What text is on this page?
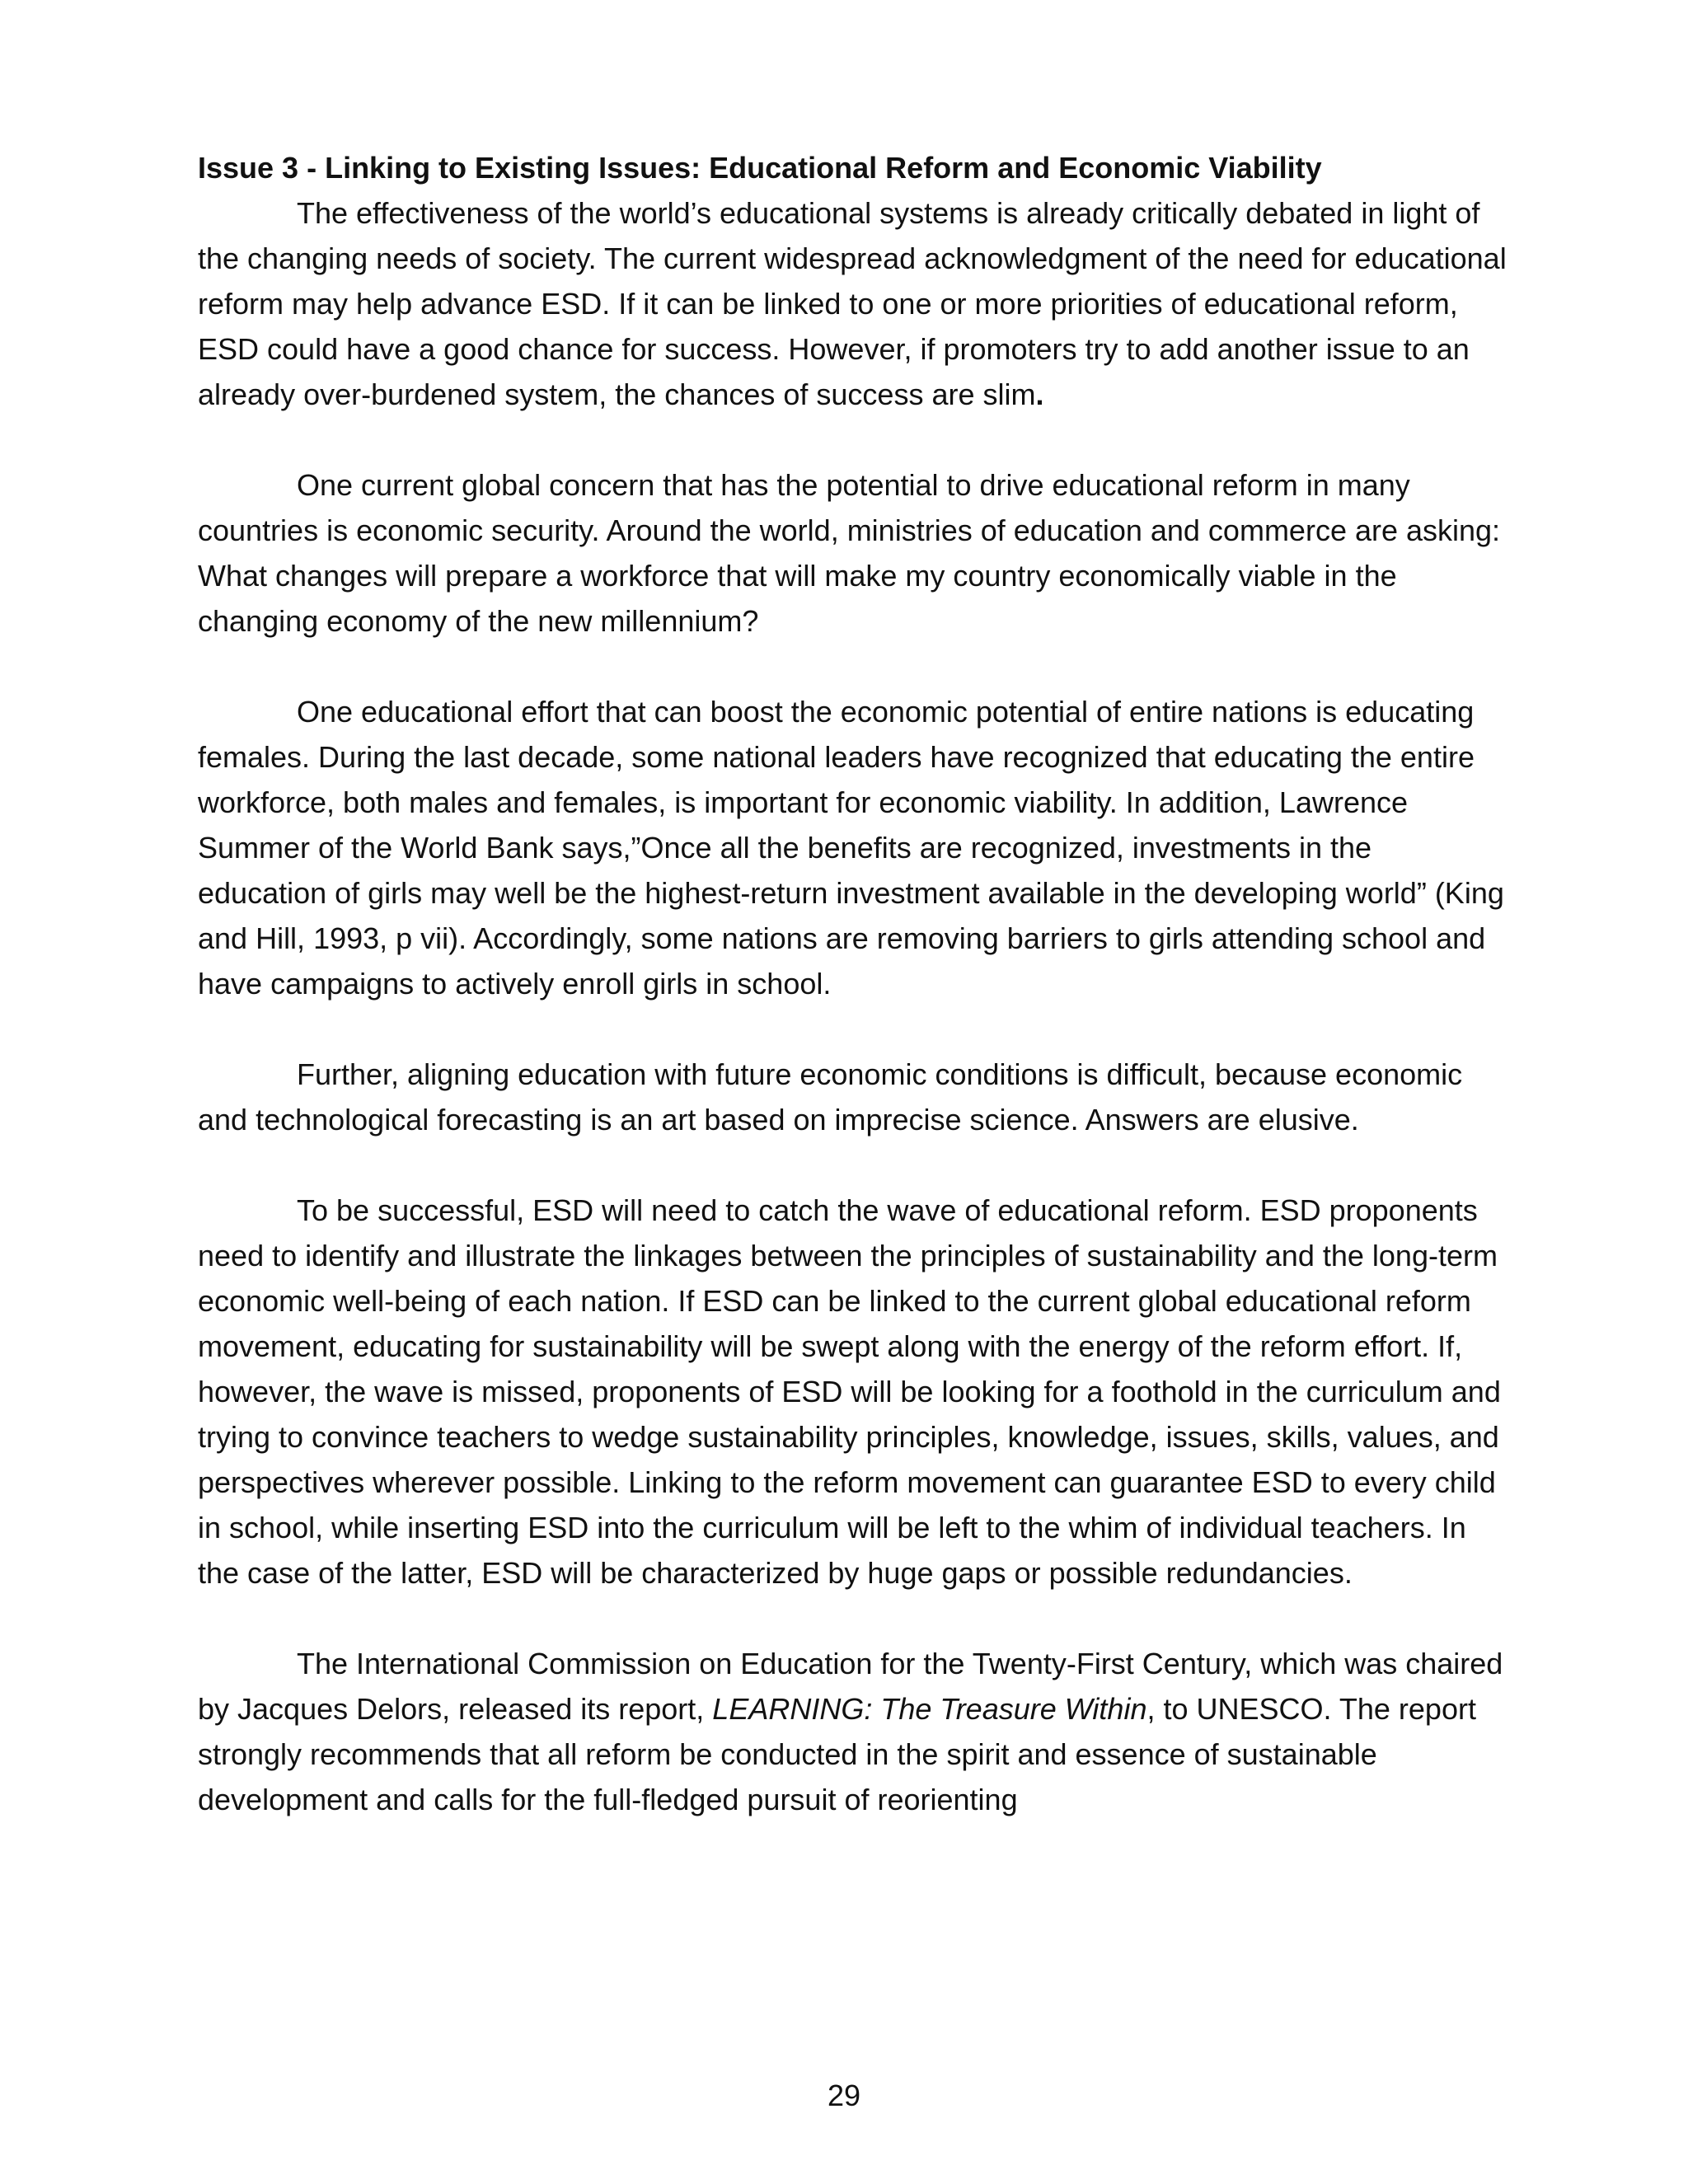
Issue 3 - Linking to Existing Issues: Educational Reform and Economic Viability

The effectiveness of the world’s educational systems is already critically debated in light of the changing needs of society. The current widespread acknowledgment of the need for educational reform may help advance ESD. If it can be linked to one or more priorities of educational reform, ESD could have a good chance for success. However, if promoters try to add another issue to an already over-burdened system, the chances of success are slim.

One current global concern that has the potential to drive educational reform in many countries is economic security. Around the world, ministries of education and commerce are asking: What changes will prepare a workforce that will make my country economically viable in the changing economy of the new millennium?

One educational effort that can boost the economic potential of entire nations is educating females. During the last decade, some national leaders have recognized that educating the entire workforce, both males and females, is important for economic viability. In addition, Lawrence Summer of the World Bank says,”Once all the benefits are recognized, investments in the education of girls may well be the highest-return investment available in the developing world” (King and Hill, 1993, p vii). Accordingly, some nations are removing barriers to girls attending school and have campaigns to actively enroll girls in school.

Further, aligning education with future economic conditions is difficult, because economic and technological forecasting is an art based on imprecise science. Answers are elusive.

To be successful, ESD will need to catch the wave of educational reform. ESD proponents need to identify and illustrate the linkages between the principles of sustainability and the long-term economic well-being of each nation. If ESD can be linked to the current global educational reform movement, educating for sustainability will be swept along with the energy of the reform effort. If, however, the wave is missed, proponents of ESD will be looking for a foothold in the curriculum and trying to convince teachers to wedge sustainability principles, knowledge, issues, skills, values, and perspectives wherever possible. Linking to the reform movement can guarantee ESD to every child in school, while inserting ESD into the curriculum will be left to the whim of individual teachers. In the case of the latter, ESD will be characterized by huge gaps or possible redundancies.

The International Commission on Education for the Twenty-First Century, which was chaired by Jacques Delors, released its report, LEARNING: The Treasure Within, to UNESCO. The report strongly recommends that all reform be conducted in the spirit and essence of sustainable development and calls for the full-fledged pursuit of reorienting

29
